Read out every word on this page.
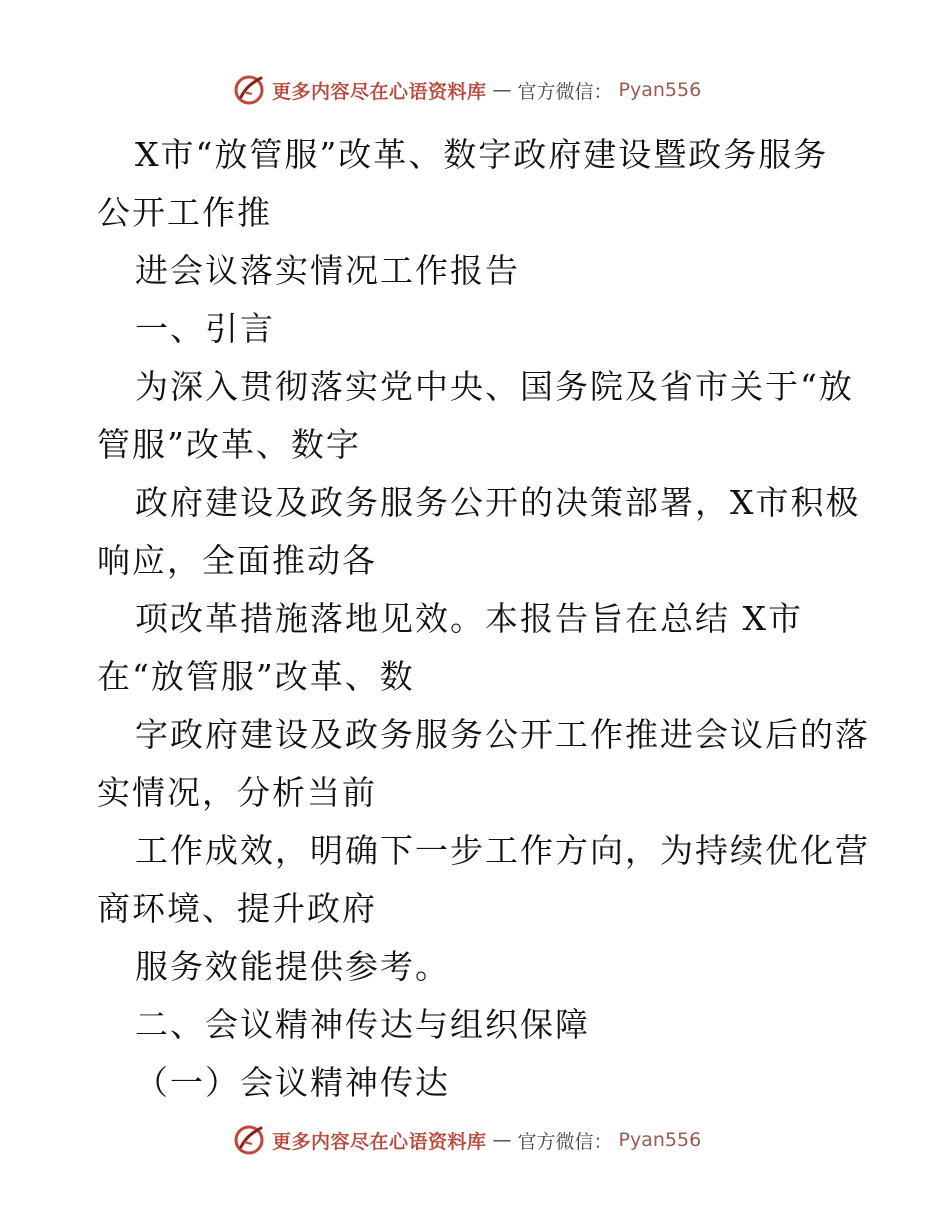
更多内容尽在心语资料库 — 官方微信： Pyan556
X市“放管服”改革、数字政府建设暨政务服务
公开工作推
进会议落实情况工作报告
一、引言
为深入贯彻落实党中央、国务院及省市关于“放
管服”改革、数字
政府建设及政务服务公开的决策部署，X市积极
响应，全面推动各
项改革措施落地见效。本报告旨在总结 X市
在“放管服”改革、数
字政府建设及政务服务公开工作推进会议后的落
实情况，分析当前
工作成效，明确下一步工作方向，为持续优化营
商环境、提升政府
服务效能提供参考。
二、会议精神传达与组织保障
（一）会议精神传达
更多内容尽在心语资料库 — 官方微信： Pyan556
